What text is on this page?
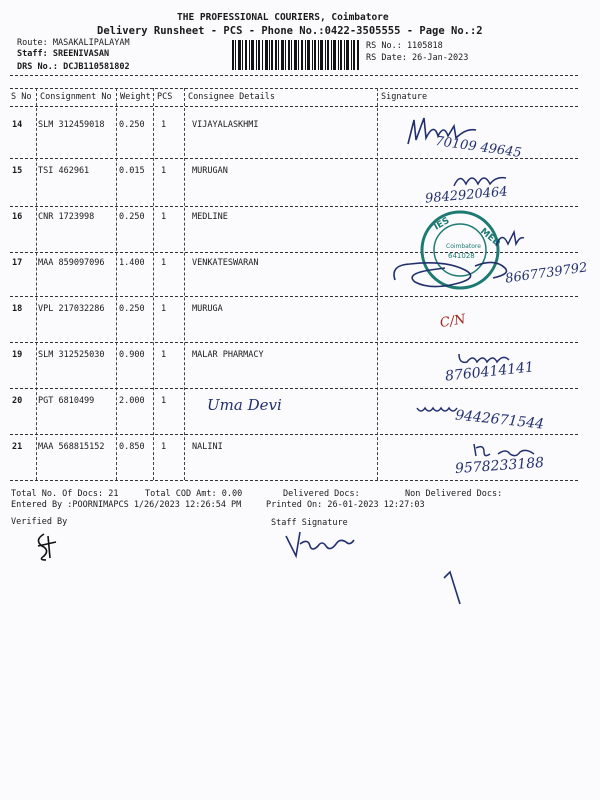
THE PROFESSIONAL COURIERS, Coimbatore
Delivery Runsheet - PCS - Phone No.:0422-3505555 - Page No.:2
Route: MASAKALIPALAYAM
Staff: SREENIVASAN
DRS No.: DCJB110581802
RS No.: 1105818
RS Date: 26-Jan-2023
S No Consignment No Weight PCS Consignee Details	Signature
14 SLM 312459018 0.250 1	VIJAYALASKHMI
15 TSI 462961	0.015 1	MURUGAN
16 CNR 1723998	0.250 1	MEDLINE
17 MAA 859097096 1.400 1	VENKATESWARAN
18 VPL 217032286 0.250 1	MURUGA
19 SLM 312525030 0.900 1	MALAR PHARMACY
20 PGT 6810499	2.000 1
21 MAA 568815152 0.850 1	NALINI
70109 49645
9842920464
IES
MED
Coimbatore
641028
8667739792
C/N
8760414141
Uma Devi
9442671544
9578233188
Total No. Of Docs: 21	Total COD Amt: 0.00	Delivered Docs:	Non Delivered Docs:
Entered By :POORNIMAPCS 1/26/2023 12:26:54 PM	Printed On: 26-01-2023 12:27:03
Verified By	Staff Signature
